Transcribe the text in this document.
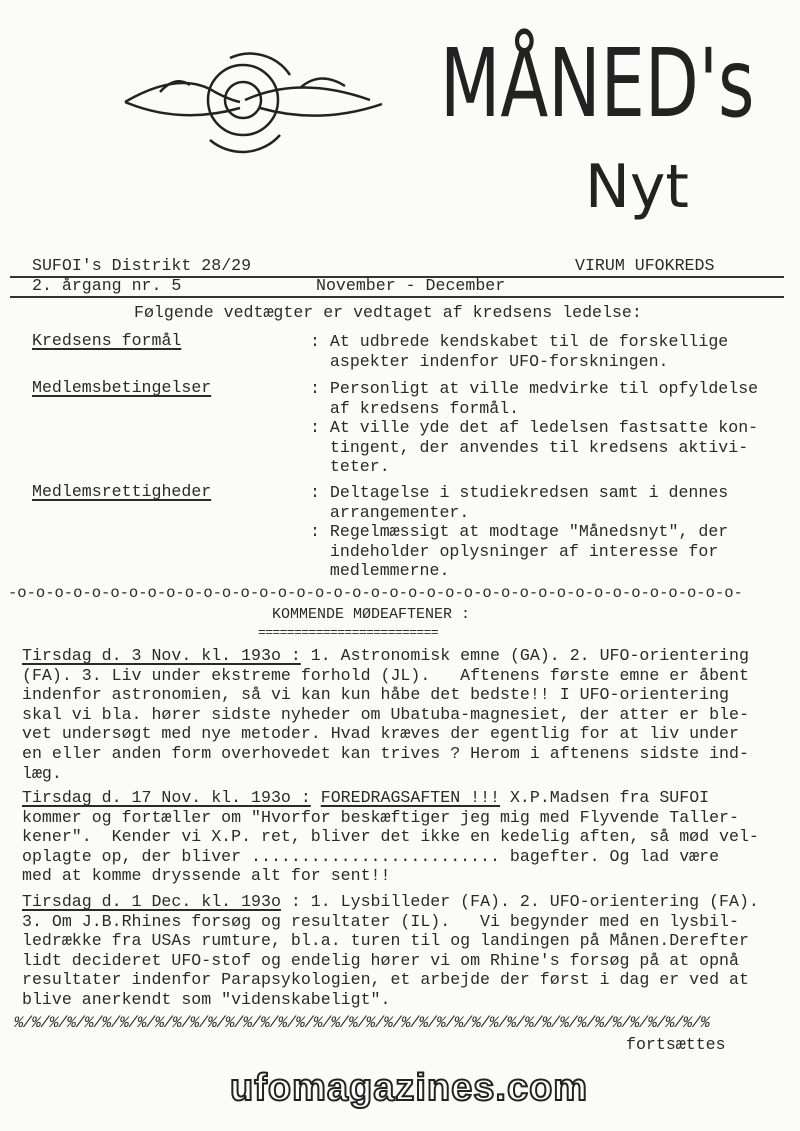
MÅNED's
Nyt
SUFOI's Distrikt 28/29	VIRUM UFOKREDS
2. årgang nr. 5	November - December
Følgende vedtægter er vedtaget af kredsens ledelse:
Kredsens formål	: At udbrede kendskabet til de forskellige
aspekter indenfor UFO-forskningen.
Medlemsbetingelser	: Personligt at ville medvirke til opfyldelse
af kredsens formål.
: At ville yde det af ledelsen fastsatte kon-
tingent, der anvendes til kredsens aktivi-
teter.
Medlemsrettigheder	: Deltagelse i studiekredsen samt i dennes
arrangementer.
: Regelmæssigt at modtage "Månedsnyt", der
indeholder oplysninger af interesse for
medlemmerne.
-o-o-o-o-o-o-o-o-o-o-o-o-o-o-o-o-o-o-o-o-o-o-o-o-o-o-o-o-o-o-o-o-o-o-o-o-o-o-o-
KOMMENDE MØDEAFTENER :
=========================
Tirsdag d. 3 Nov. kl. 193o : 1. Astronomisk emne (GA). 2. UFO-orientering
(FA). 3. Liv under ekstreme forhold (JL).   Aftenens første emne er åbent
indenfor astronomien, så vi kan kun håbe det bedste!! I UFO-orientering
skal vi bla. hører sidste nyheder om Ubatuba-magnesiet, der atter er ble-
vet undersøgt med nye metoder. Hvad kræves der egentlig for at liv under
en eller anden form overhovedet kan trives ? Herom i aftenens sidste ind-
læg.
Tirsdag d. 17 Nov. kl. 193o : FOREDRAGSAFTEN !!! X.P.Madsen fra SUFOI
kommer og fortæller om "Hvorfor beskæftiger jeg mig med Flyvende Taller-
kener".  Kender vi X.P. ret, bliver det ikke en kedelig aften, så mød vel-
oplagte op, der bliver ......................... bagefter. Og lad være
med at komme dryssende alt for sent!!
Tirsdag d. 1 Dec. kl. 193o : 1. Lysbilleder (FA). 2. UFO-orientering (FA).
3. Om J.B.Rhines forsøg og resultater (IL).   Vi begynder med en lysbil-
ledrække fra USAs rumture, bl.a. turen til og landingen på Månen.Derefter
lidt decideret UFO-stof og endelig hører vi om Rhine's forsøg på at opnå
resultater indenfor Parapsykologien, et arbejde der først i dag er ved at
blive anerkendt som "videnskabeligt".
%/%/%/%/%/%/%/%/%/%/%/%/%/%/%/%/%/%/%/%/%/%/%/%/%/%/%/%/%/%/%/%/%/%/%/%/%/%/%/%
fortsættes
ufomagazines.com
